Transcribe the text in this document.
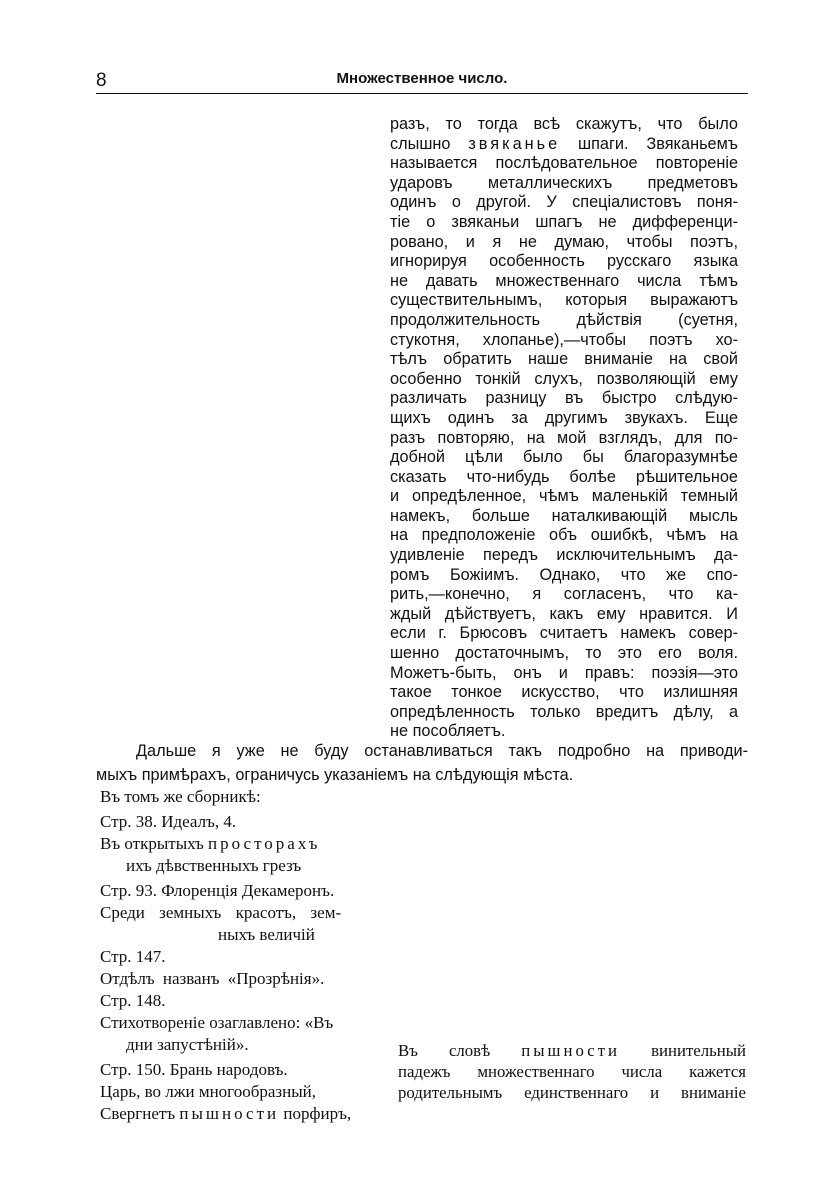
8	Множественное число.
разъ, то тогда всѣ скажутъ, что было
слышно звяканье шпаги. Звяканьемъ
называется послѣдовательное повторенiе
ударовъ металлическихъ предметовъ
одинъ о другой. У спецiалистовъ поня-
тiе о звяканьи шпагъ не дифференци-
ровано, и я не думаю, чтобы поэтъ,
игнорируя особенность русскаго языка
не давать множественнаго числа тѣмъ
существительнымъ, которыя выражаютъ
продолжительность дѣйствiя (суетня,
стукотня, хлопанье),—чтобы поэтъ хо-
тѣлъ обратить наше вниманiе на свой
особенно тонкiй слухъ, позволяющiй ему
различать разницу въ быстро слѣдую-
щихъ одинъ за другимъ звукахъ. Еще
разъ повторяю, на мой взглядъ, для по-
добной цѣли было бы благоразумнѣе
сказать что-нибудь болѣе рѣшительное
и опредѣленное, чѣмъ маленькiй темный
намекъ, больше наталкивающiй мысль
на предположенiе объ ошибкѣ, чѣмъ на
удивленiе передъ исключительнымъ да-
ромъ Божiимъ. Однако, что же спо-
рить,—конечно, я согласенъ, что ка-
ждый дѣйствуетъ, какъ ему нравится. И
если г. Брюсовъ считаетъ намекъ совер-
шенно достаточнымъ, то это его воля.
Можетъ-быть, онъ и правъ: поэзiя—это
такое тонкое искусство, что излишняя
опредѣленность только вредитъ дѣлу, а
не пособляетъ.
Дальше я уже не буду останавливаться такъ подробно на приводи-
мыхъ примѣрахъ, ограничусь указанiемъ на слѣдующiя мѣста.
Въ томъ же сборникѣ:
Стр. 38. Идеалъ, 4.
Въ открытыхъ просторахъ
ихъ дѣвственныхъ грезъ
Стр. 93. Флоренцiя Декамеронъ.
Среди земныхъ красотъ, зем-
ныхъ величiй
Стр. 147.
Отдѣлъ названъ «Прозрѣнiя».
Стр. 148.
Стихотворенiе озаглавлено: «Въ
дни запустѣнiй».
Стр. 150. Брань народовъ.
Царь, во лжи многообразный,
Свергнетъ пышности порфиръ,
Въ словѣ пышности винительный
падежъ множественнаго числа кажется
родительнымъ единственнаго и вниманiе
